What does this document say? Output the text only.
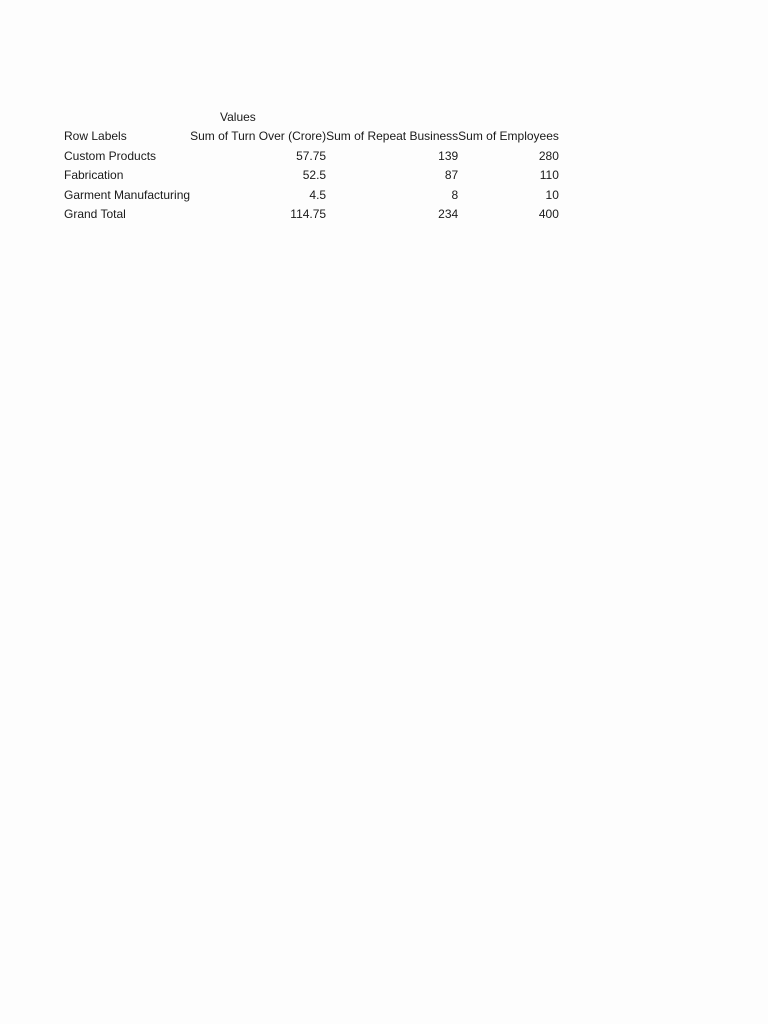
Values
Row Labels	Sum of Turn Over (Crore)	Sum of Repeat Business	Sum of Employees
Custom Products	57.75	139	280
Fabrication	52.5	87	110
Garment Manufacturing	4.5	8	10
Grand Total	114.75	234	400
